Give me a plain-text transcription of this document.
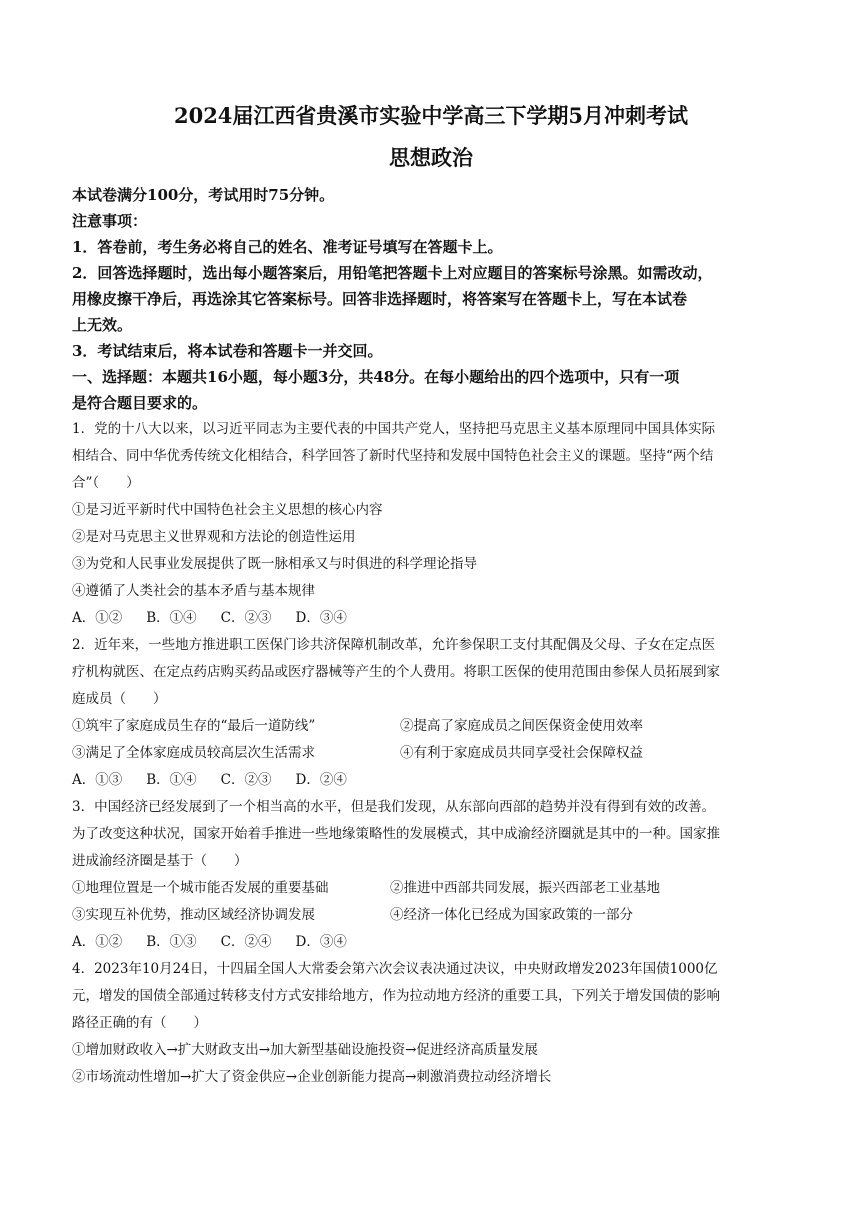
2024届江西省贵溪市实验中学高三下学期5月冲刺考试

思想政治

本试卷满分100分，考试用时75分钟。

注意事项：

1．答卷前，考生务必将自己的姓名、准考证号填写在答题卡上。

2．回答选择题时，选出每小题答案后，用铅笔把答题卡上对应题目的答案标号涂黑。如需改动，

用橡皮擦干净后，再选涂其它答案标号。回答非选择题时，将答案写在答题卡上，写在本试卷

上无效。

3．考试结束后，将本试卷和答题卡一并交回。

一、选择题：本题共16小题，每小题3分，共48分。在每小题给出的四个选项中，只有一项

是符合题目要求的。

1．党的十八大以来，以习近平同志为主要代表的中国共产党人，坚持把马克思主义基本原理同中国具体实际

相结合、同中华优秀传统文化相结合，科学回答了新时代坚持和发展中国特色社会主义的课题。坚持“两个结

合”（　　）

①是习近平新时代中国特色社会主义思想的核心内容

②是对马克思主义世界观和方法论的创造性运用

③为党和人民事业发展提供了既一脉相承又与时俱进的科学理论指导

④遵循了人类社会的基本矛盾与基本规律

A．①② B．①④ C．②③ D．③④

2．近年来，一些地方推进职工医保门诊共济保障机制改革，允许参保职工支付其配偶及父母、子女在定点医

疗机构就医、在定点药店购买药品或医疗器械等产生的个人费用。将职工医保的使用范围由参保人员拓展到家

庭成员（　　）

①筑牢了家庭成员生存的“最后一道防线”	②提高了家庭成员之间医保资金使用效率
③满足了全体家庭成员较高层次生活需求	④有利于家庭成员共同享受社会保障权益
A．①③ B．①④ C．②③ D．②④

3．中国经济已经发展到了一个相当高的水平，但是我们发现，从东部向西部的趋势并没有得到有效的改善。

为了改变这种状况，国家开始着手推进一些地缘策略性的发展模式，其中成渝经济圈就是其中的一种。国家推

进成渝经济圈是基于（　　）

①地理位置是一个城市能否发展的重要基础	②推进中西部共同发展，振兴西部老工业基地
③实现互补优势，推动区域经济协调发展	④经济一体化已经成为国家政策的一部分
A．①② B．①③ C．②④ D．③④

4．2023年10月24日，十四届全国人大常委会第六次会议表决通过决议，中央财政增发2023年国债1000亿

元，增发的国债全部通过转移支付方式安排给地方，作为拉动地方经济的重要工具，下列关于增发国债的影响

路径正确的有（　　）

①增加财政收入→扩大财政支出→加大新型基础设施投资→促进经济高质量发展

②市场流动性增加→扩大了资金供应→企业创新能力提高→刺激消费拉动经济增长
